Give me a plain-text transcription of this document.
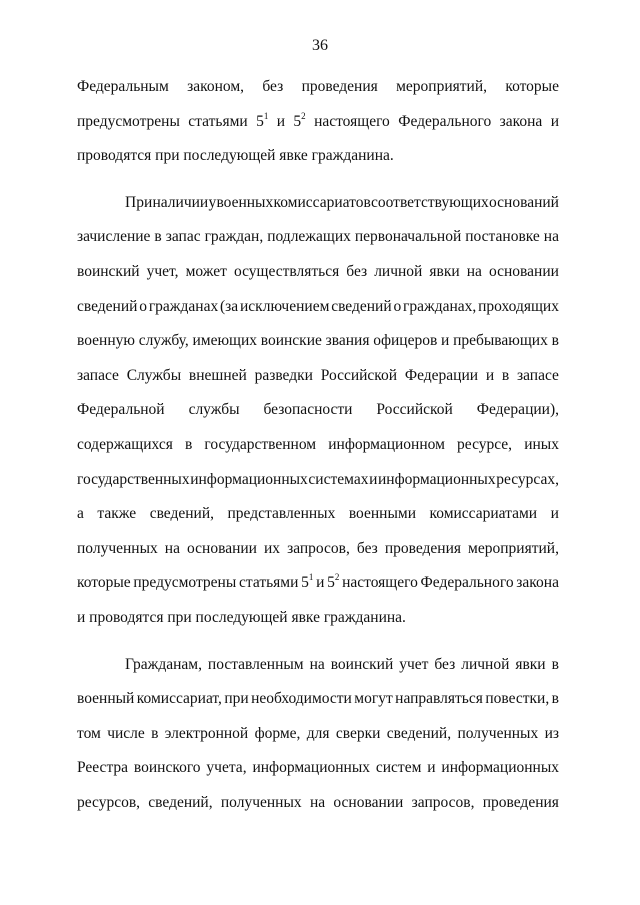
36
Федеральным законом, без проведения мероприятий, которые
предусмотрены статьями $5^1$ и $5^2$ настоящего Федерального закона и
проводятся при последующей явке гражданина.
При наличии у военных комиссариатов соответствующих оснований
зачисление в запас граждан, подлежащих первоначальной постановке на
воинский учет, может осуществляться без личной явки на основании
сведений о гражданах (за исключением сведений о гражданах, проходящих
военную службу, имеющих воинские звания офицеров и пребывающих в
запасе Службы внешней разведки Российской Федерации и в запасе
Федеральной службы безопасности Российской Федерации),
содержащихся в государственном информационном ресурсе, иных
государственных информационных системах и информационных ресурсах,
а также сведений, представленных военными комиссариатами и
полученных на основании их запросов, без проведения мероприятий,
которые предусмотрены статьями $5^1$ и $5^2$ настоящего Федерального закона
и проводятся при последующей явке гражданина.
Гражданам, поставленным на воинский учет без личной явки в
военный комиссариат, при необходимости могут направляться повестки, в
том числе в электронной форме, для сверки сведений, полученных из
Реестра воинского учета, информационных систем и информационных
ресурсов, сведений, полученных на основании запросов, проведения
